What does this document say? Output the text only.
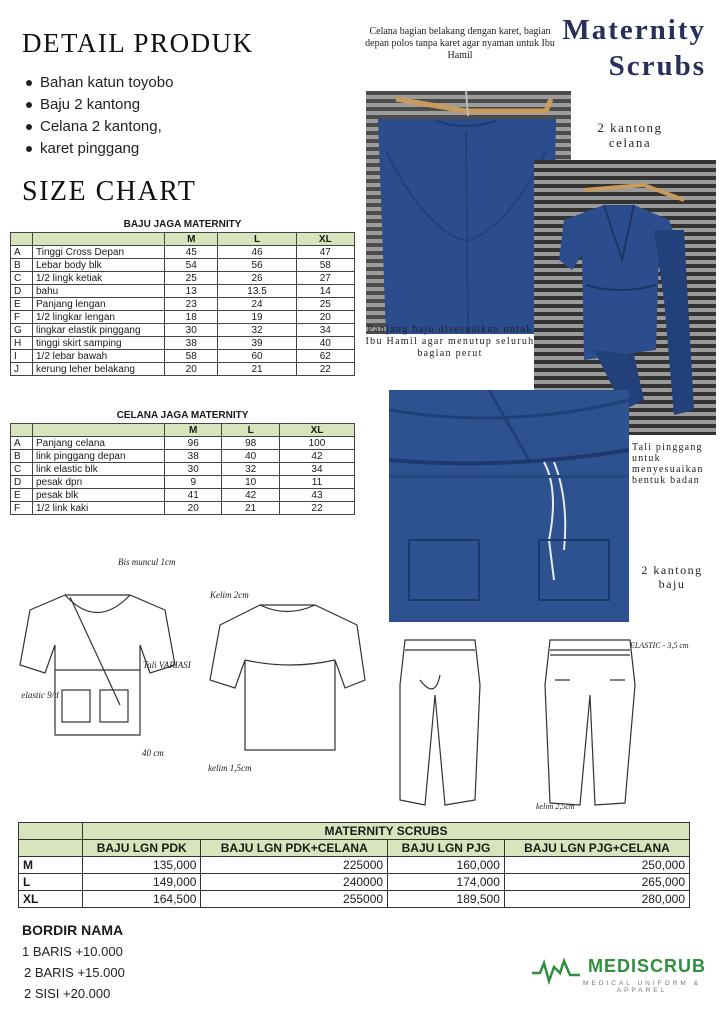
DETAIL PRODUK
Bahan katun toyobo
Baju 2 kantong
Celana 2 kantong,
karet pinggang
SIZE CHART
BAJU JAGA MATERNITY
		M	L	XL
A	Tinggi Cross Depan	45	46	47
B	Lebar body blk	54	56	58
C	1/2 lingk ketiak	25	26	27
D	bahu	13	13.5	14
E	Panjang lengan	23	24	25
F	1/2 lingkar lengan	18	19	20
G	lingkar elastik pinggang	30	32	34
H	tinggi skirt samping	38	39	40
I	1/2 lebar bawah	58	60	62
J	kerung leher belakang	20	21	22
CELANA JAGA MATERNITY
		M	L	XL
A	Panjang celana	96	98	100
B	link pinggang depan	38	40	42
C	link elastic blk	30	32	34
D	pesak dpn	9	10	11
E	pesak blk	41	42	43
F	1/2 link kaki	20	21	22
Maternity
Scrubs
Celana bagian belakang dengan karet, bagian depan polos tanpa karet agar nyaman untuk Ibu Hamil
2 kantong celana
Panjang baju disesuaikan untuk Ibu Hamil agar menutup seluruh bagian perut
Tali pinggang untuk menyesuaikan bentuk badan
2 kantong baju
Bis muncul 1cm
Tali VARIASI
elastic 9/d
40 cm
Kelim 2cm
kelim 1,5cm
ELASTIC - 3,5 cm
kelim 2,5cm
	MATERNITY SCRUBS			
	BAJU LGN PDK	BAJU LGN PDK+CELANA	BAJU LGN PJG	BAJU LGN PJG+CELANA
M	135,000	225000	160,000	250,000
L	149,000	240000	174,000	265,000
XL	164,500	255000	189,500	280,000
BORDIR NAMA
1 BARIS +10.000
2 BARIS +15.000
2 SISI +20.000
MEDISCRUB
MEDICAL UNIFORM & APPAREL
